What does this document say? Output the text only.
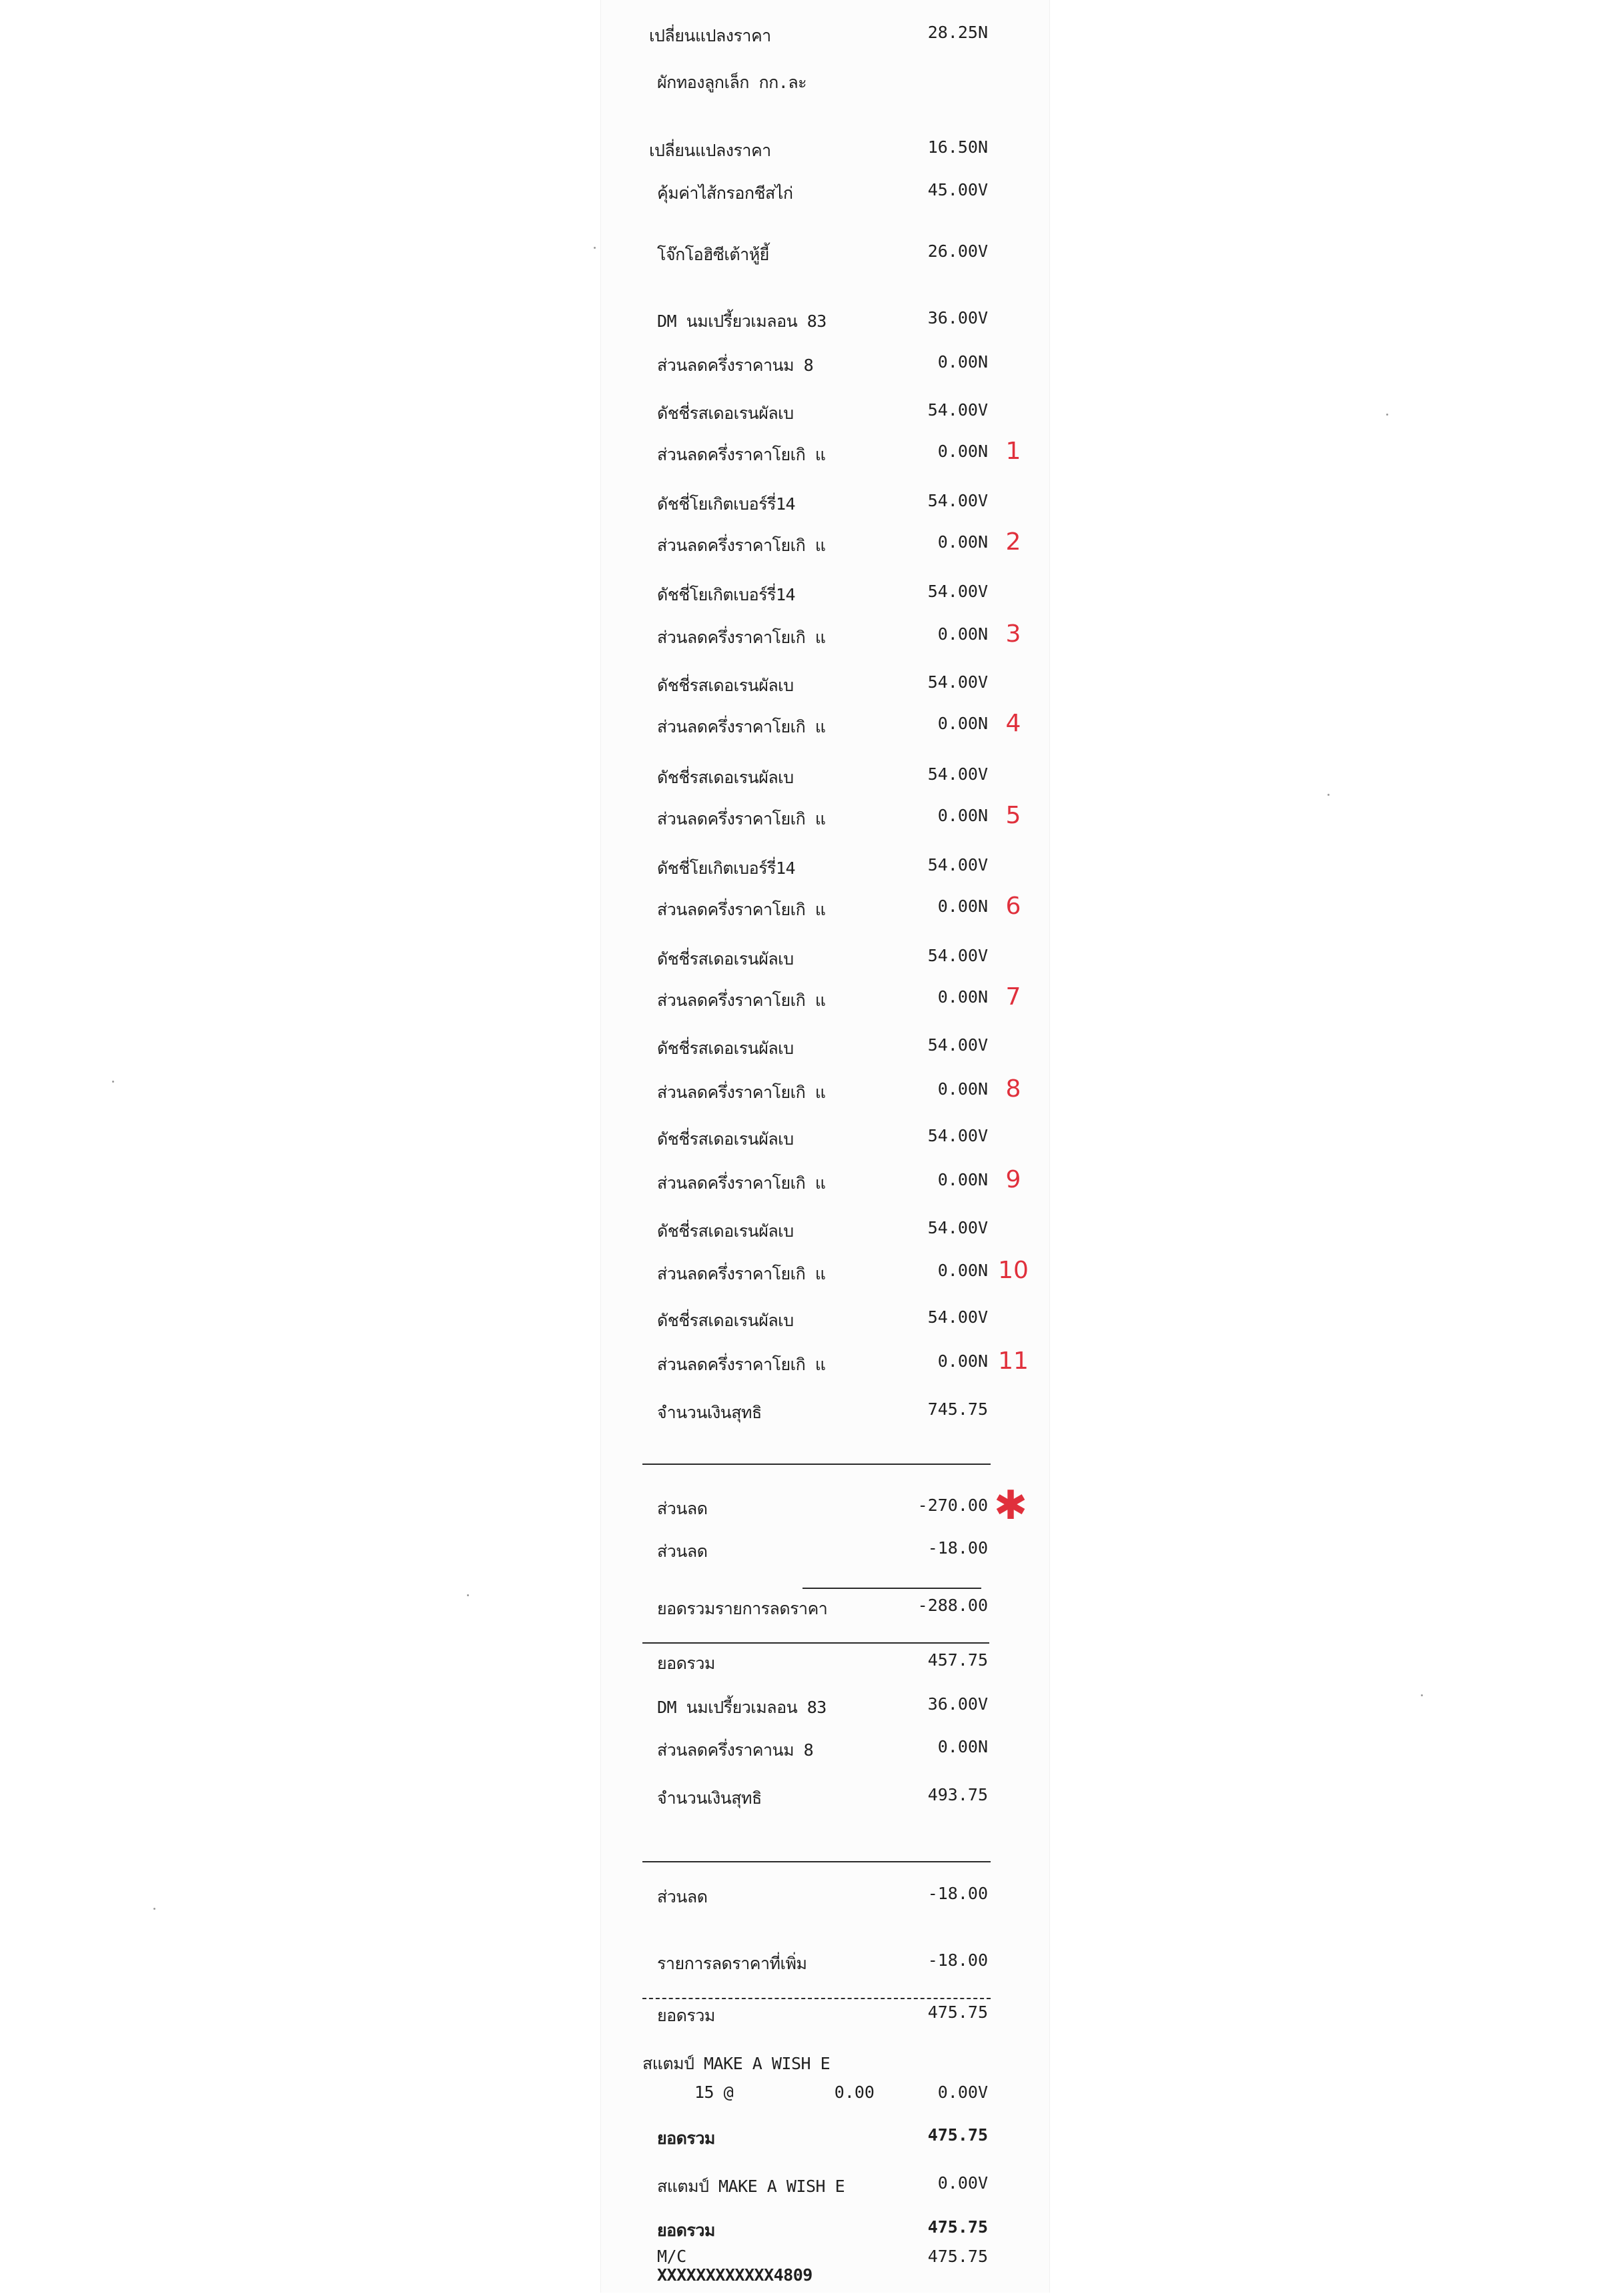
เปลี่ยนแปลงราคา	28.25N
ผักทองลูกเล็ก กก.ละ
เปลี่ยนแปลงราคา	16.50N
คุ้มค่าไส้กรอกชีสไก่	45.00V
โจ๊กโอฮิซีเต้าหู้ยี้	26.00V
DM นมเปรี้ยวเมลอน 83	36.00V
ส่วนลดครึ่งราคานม 8	0.00N
ดัชชี่รสเดอเรนผัลเบ	54.00V
ส่วนลดครึ่งราคาโยเกิ แ	0.00N 1
ดัชชี่โยเกิตเบอร์รี่14	54.00V
ส่วนลดครึ่งราคาโยเกิ แ	0.00N 2
ดัชชี่โยเกิตเบอร์รี่14	54.00V
ส่วนลดครึ่งราคาโยเกิ แ	0.00N 3
ดัชชี่รสเดอเรนผัลเบ	54.00V
ส่วนลดครึ่งราคาโยเกิ แ	0.00N 4
ดัชชี่รสเดอเรนผัลเบ	54.00V
ส่วนลดครึ่งราคาโยเกิ แ	0.00N 5
ดัชชี่โยเกิตเบอร์รี่14	54.00V
ส่วนลดครึ่งราคาโยเกิ แ	0.00N 6
ดัชชี่รสเดอเรนผัลเบ	54.00V
ส่วนลดครึ่งราคาโยเกิ แ	0.00N 7
ดัชชี่รสเดอเรนผัลเบ	54.00V
ส่วนลดครึ่งราคาโยเกิ แ	0.00N 8
ดัชชี่รสเดอเรนผัลเบ	54.00V
ส่วนลดครึ่งราคาโยเกิ แ	0.00N 9
ดัชชี่รสเดอเรนผัลเบ	54.00V
ส่วนลดครึ่งราคาโยเกิ แ	0.00N 10
ดัชชี่รสเดอเรนผัลเบ	54.00V
ส่วนลดครึ่งราคาโยเกิ แ	0.00N 11
จำนวนเงินสุทธิ	745.75
ส่วนลด	-270.00 ✱
ส่วนลด	-18.00
ยอดรวมรายการลดราคา	-288.00
ยอดรวม	457.75
DM นมเปรี้ยวเมลอน 83	36.00V
ส่วนลดครึ่งราคานม 8	0.00N
จำนวนเงินสุทธิ	493.75
ส่วนลด	-18.00
รายการลดราคาที่เพิ่ม	-18.00
ยอดรวม	475.75
สแตมป์ MAKE A WISH E
15 @	0.00	0.00V
ยอดรวม	475.75
สแตมป์ MAKE A WISH E	0.00V
ยอดรวม	475.75
M/C	475.75
XXXXXXXXXXXX4809
